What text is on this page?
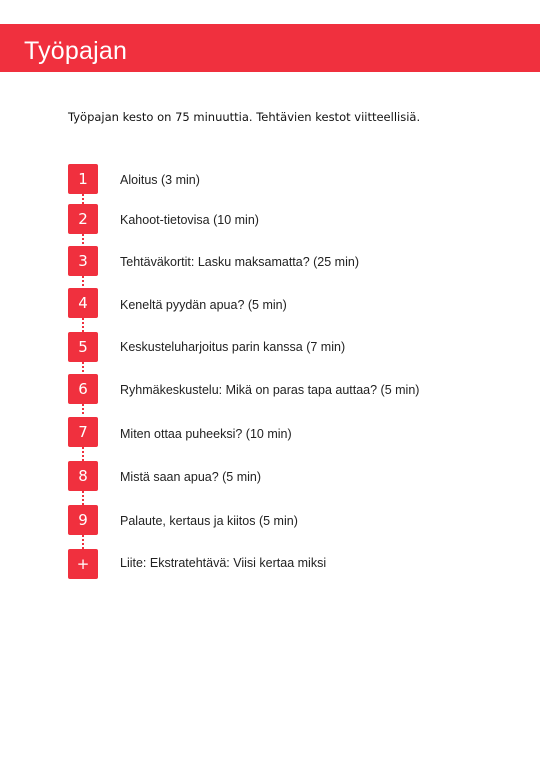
Työpajan
Työpajan kesto on 75 minuuttia. Tehtävien kestot viitteellisiä.
1	Aloitus (3 min)
2	Kahoot-tietovisa (10 min)
3	Tehtäväkortit: Lasku maksamatta? (25 min)
4	Keneltä pyydän apua? (5 min)
5	Keskusteluharjoitus parin kanssa (7 min)
6	Ryhmäkeskustelu: Mikä on paras tapa auttaa? (5 min)
7	Miten ottaa puheeksi? (10 min)
8	Mistä saan apua? (5 min)
9	Palaute, kertaus ja kiitos (5 min)
+	Liite: Ekstratehtävä: Viisi kertaa miksi
